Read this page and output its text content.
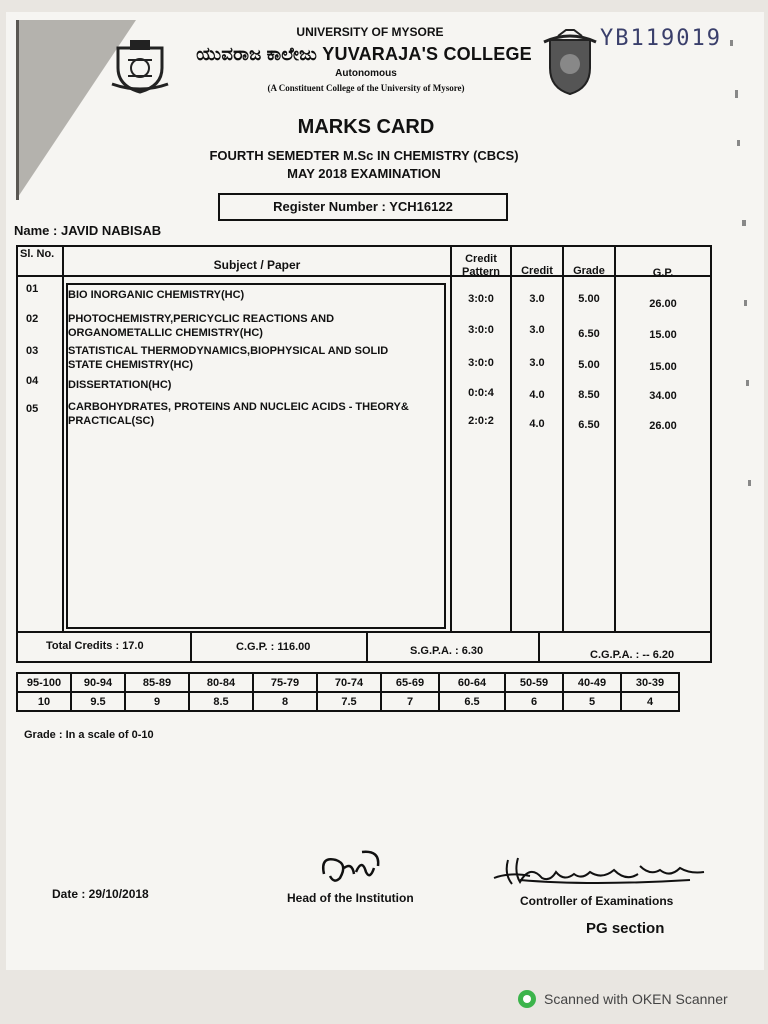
YB119019
UNIVERSITY OF MYSORE
ಯುವರಾಜ ಕಾಲೇಜು YUVARAJA'S COLLEGE
Autonomous
(A Constituent College of the University of Mysore)
MARKS CARD
FOURTH SEMEDTER M.Sc IN CHEMISTRY (CBCS)
MAY 2018 EXAMINATION
Register Number : YCH16122
Name : JAVID NABISAB
Sl. No.
Subject / Paper	Credit Pattern	Credit	Grade	G.P.
01	BIO INORGANIC CHEMISTRY(HC)	3:0:0	3.0	5.00	26.00
02	PHOTOCHEMISTRY,PERICYCLIC REACTIONS AND
ORGANOMETALLIC CHEMISTRY(HC)	3:0:0	3.0	6.50	15.00
03	STATISTICAL THERMODYNAMICS,BIOPHYSICAL AND SOLID
STATE CHEMISTRY(HC)	3:0:0	3.0	5.00	15.00
04	DISSERTATION(HC)
0:0:4	4.0	8.50	34.00
05	CARBOHYDRATES, PROTEINS AND NUCLEIC ACIDS - THEORY&
PRACTICAL(SC)	2:0:2	4.0	6.50	26.00
Total Credits : 17.0	C.G.P. : 116.00	S.G.P.A. : 6.30	C.G.P.A. : -- 6.20
95-100	90-94	85-89	80-84	75-79	70-74	65-69	60-64	50-59	40-49	30-39
10	9.5	9	8.5	8	7.5	7	6.5	6	5	4
Grade : In a scale of 0-10
Date : 29/10/2018	Head of the Institution	Controller of Examinations
PG section
Scanned with OKEN Scanner
